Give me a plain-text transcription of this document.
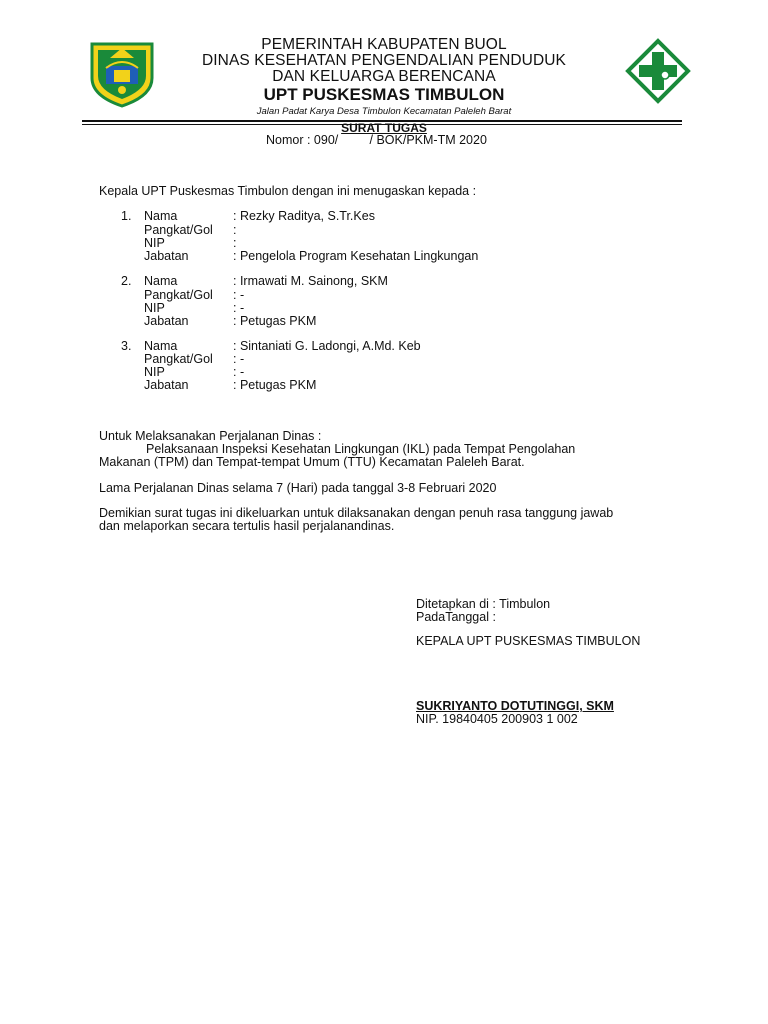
PEMERINTAH KABUPATEN BUOL
DINAS KESEHATAN PENGENDALIAN PENDUDUK
DAN KELUARGA BERENCANA
UPT PUSKESMAS TIMBULON
Jalan Padat Karya Desa Timbulon Kecamatan Paleleh Barat
SURAT TUGAS
Nomor : 090/         / BOK/PKM-TM 2020
Kepala UPT Puskesmas Timbulon dengan ini menugaskan kepada :
1. Nama	: Rezky Raditya, S.Tr.Kes
Pangkat/Gol :
NIP	:
Jabatan	: Pengelola Program Kesehatan Lingkungan
2. Nama	: Irmawati M. Sainong, SKM
Pangkat/Gol : -
NIP	: -
Jabatan	: Petugas PKM
3. Nama	: Sintaniati G. Ladongi, A.Md. Keb
Pangkat/Gol : -
NIP	: -
Jabatan	: Petugas PKM
Untuk Melaksanakan Perjalanan Dinas :
Pelaksanaan Inspeksi Kesehatan Lingkungan (IKL) pada Tempat Pengolahan
Makanan (TPM) dan Tempat-tempat Umum (TTU) Kecamatan Paleleh Barat.
Lama Perjalanan Dinas selama 7 (Hari) pada tanggal 3-8 Februari 2020
Demikian surat tugas ini dikeluarkan untuk dilaksanakan dengan penuh rasa tanggung jawab
dan melaporkan secara tertulis hasil perjalanandinas.
Ditetapkan di : Timbulon
PadaTanggal :
KEPALA UPT PUSKESMAS TIMBULON
SUKRIYANTO DOTUTINGGI, SKM
NIP. 19840405 200903 1 002
